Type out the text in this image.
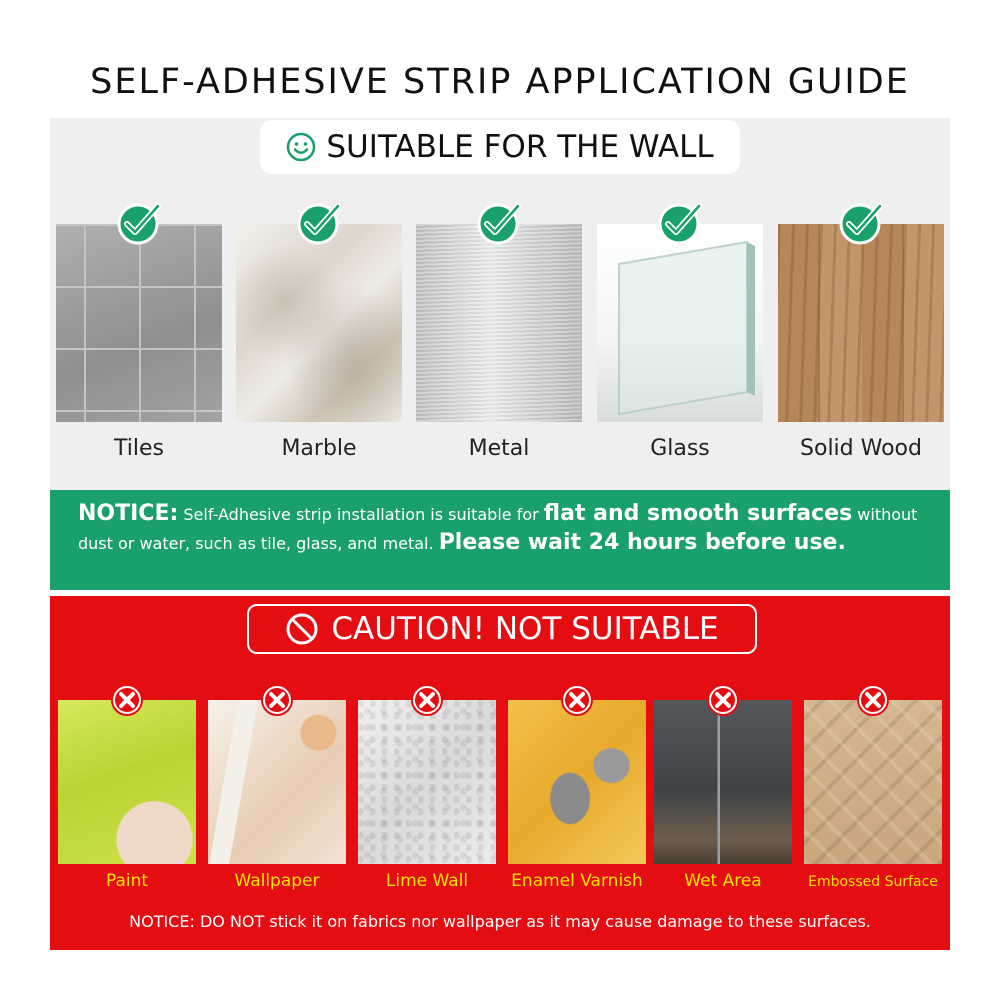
SELF-ADHESIVE STRIP APPLICATION GUIDE
SUITABLE FOR THE WALL
Tiles	Marble	Metal	Glass	Solid Wood
NOTICE: Self-Adhesive strip installation is suitable for flat and smooth surfaces without dust or water, such as tile, glass, and metal. Please wait 24 hours before use.
CAUTION! NOT SUITABLE
Paint	Wallpaper	Lime Wall	Enamel Varnish	Wet Area	Embossed Surface
NOTICE: DO NOT stick it on fabrics nor wallpaper as it may cause damage to these surfaces.
